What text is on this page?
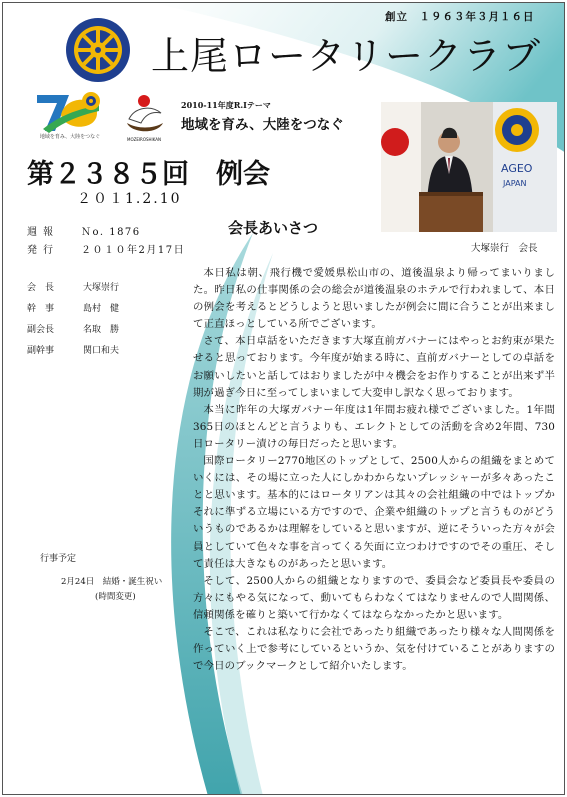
創立　１９６３年３月１６日
上尾ロータリークラブ
地域を育み、大陸をつなぐ	MOZEIROSHIKAN
2010-11年度R.Iテーマ
地域を育み、大陸をつなぐ
AGEO
JAPAN
第２３８５回　例会
２０１1.2.10
週報 Ｎo. 1876
発行 ２０１０年2月17日
会　長	大塚崇行
幹　事	島村　健
副会長	名取　勝
副幹事	関口和夫
会長あいさつ
大塚崇行　会長

本日私は朝、飛行機で愛媛県松山市の、道後温泉より帰ってまいりました。昨日私の仕事関係の会の総会が道後温泉のホテルで行われまして、本日の例会を考えるとどうしようと思いましたが例会に間に合うことが出来まして正直ほっとしている所でございます。

さて、本日卓話をいただきます大塚直前ガバナーにはやっとお約束が果たせると思っております。今年度が始まる時に、直前ガバナーとしての卓話をお願いしたいと話してはおりましたが中々機会をお作りすることが出来ず半期が過ぎ今日に至ってしまいまして大変申し訳なく思っております。

本当に昨年の大塚ガバナー年度は1年間お疲れ様でございました。1年間365日のほとんどと言うよりも、エレクトとしての活動を含め2年間、730日ロータリー漬けの毎日だったと思います。

国際ロータリー2770地区のトップとして、2500人からの組織をまとめていくには、その場に立った人にしかわからないプレッシャーが多々あったことと思います。基本的にはロータリアンは其々の会社組織の中ではトップかそれに準ずる立場にいる方ですので、企業や組織のトップと言うものがどういうものであるかは理解をしていると思いますが、逆にそういった方々が会員としていて色々な事を言ってくる矢面に立つわけですのでその重圧、そして責任は大きなものがあったと思います。

そして、2500人からの組織となりますので、委員会など委員長や委員の方々にもやる気になって、動いてもらわなくてはなりませんので人間関係、信頼関係を確りと築いて行かなくてはならなかったかと思います。

そこで、これは私なりに会社であったり組織であったり様々な人間関係を作っていく上で参考にしているというか、気を付けていることがありますので今日のブックマークとして紹介いたします。

行事予定
2月24日　結婚・誕生祝い
(時間変更)
